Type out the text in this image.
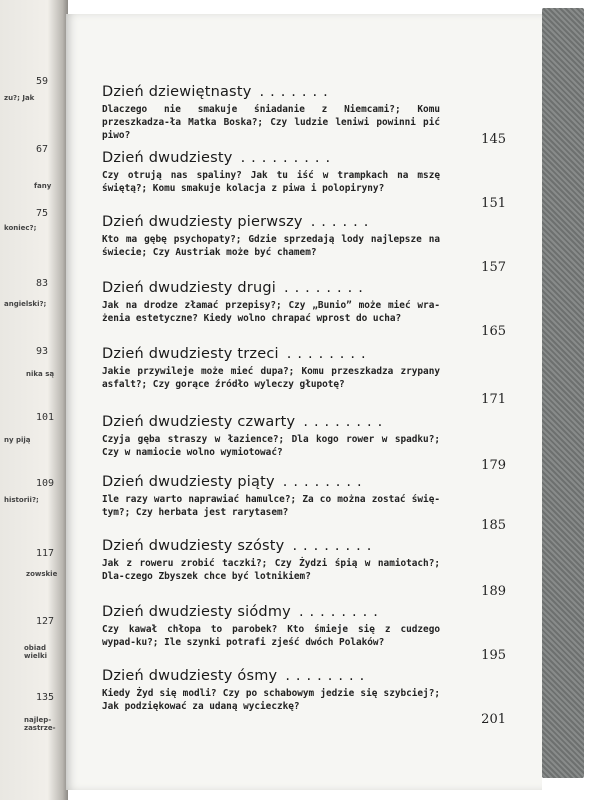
59
zu?; Jak
67
fany
75
koniec?;
83
angielski?;
93
nika są
101
ny piją
109
historii?;
117
zowskie
127
obiad wielki
135
najlep- zastrze-
Dzień dziewiętnasty .......
Dlaczego nie smakuje śniadanie z Niemcami?; Komu przeszkadza-ła Matka Boska?; Czy ludzie leniwi powinni pić piwo?	145
Dzień dwudziesty .........
Czy otrują nas spaliny? Jak tu iść w trampkach na mszę świętą?; Komu smakuje kolacja z piwa i polopiryny?
151
Dzień dwudziesty pierwszy ......
Kto ma gębę psychopaty?; Gdzie sprzedają lody najlepsze na świecie; Czy Austriak może być chamem?
157
Dzień dwudziesty drugi ........
Jak na drodze złamać przepisy?; Czy „Bunio” może mieć wra-żenia estetyczne? Kiedy wolno chrapać wprost do ucha?
165
Dzień dwudziesty trzeci ........
Jakie przywileje może mieć dupa?; Komu przeszkadza zrypany asfalt?; Czy gorące źródło wyleczy głupotę?
171
Dzień dwudziesty czwarty ........
Czyja gęba straszy w łazience?; Dla kogo rower w spadku?; Czy w namiocie wolno wymiotować?
179
Dzień dwudziesty piąty ........
Ile razy warto naprawiać hamulce?; Za co można zostać świę-tym?; Czy herbata jest rarytasem?
185
Dzień dwudziesty szósty ........
Jak z roweru zrobić taczki?; Czy Żydzi śpią w namiotach?; Dla-czego Zbyszek chce być lotnikiem?
189
Dzień dwudziesty siódmy ........
Czy kawał chłopa to parobek? Kto śmieje się z cudzego wypad-ku?; Ile szynki potrafi zjeść dwóch Polaków?
195
Dzień dwudziesty ósmy ........
Kiedy Żyd się modli? Czy po schabowym jedzie się szybciej?; Jak podziękować za udaną wycieczkę?
201
